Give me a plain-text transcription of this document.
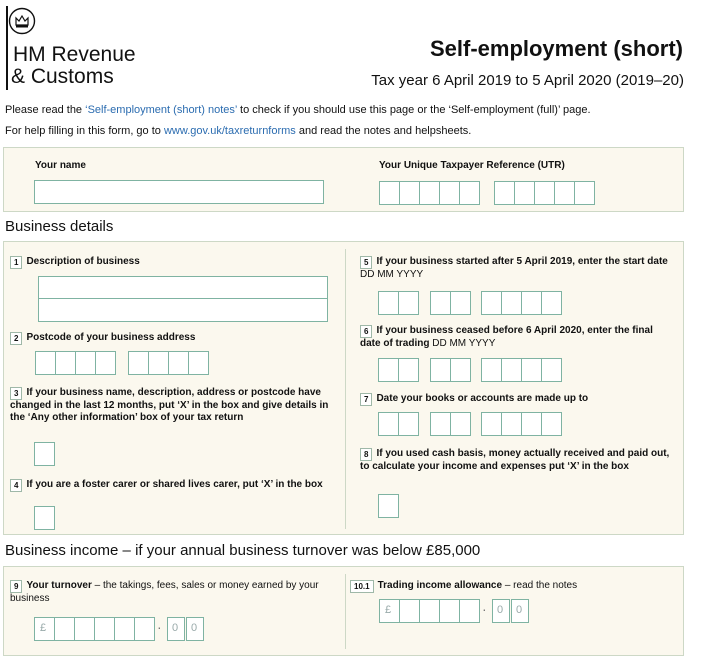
HM Revenue
& Customs
Self-employment (short)
Tax year 6 April 2019 to 5 April 2020 (2019–20)
Please read the ‘Self-employment (short) notes’ to check if you should use this page or the ‘Self-employment (full)’ page.
For help filling in this form, go to www.gov.uk/taxreturnforms and read the notes and helpsheets.
Your name	Your Unique Taxpayer Reference (UTR)
Business details
1 Description of business
2 Postcode of your business address
3 If your business name, description, address or postcode have changed in the last 12 months, put ‘X’ in the box and give details in the ‘Any other information’ box of your tax return
4 If you are a foster carer or shared lives carer, put ‘X’ in the box
5 If your business started after 5 April 2019, enter the start date DD MM YYYY
6 If your business ceased before 6 April 2020, enter the final date of trading DD MM YYYY
7 Date your books or accounts are made up to
8 If you used cash basis, money actually received and paid out, to calculate your income and expenses put ‘X’ in the box
Business income – if your annual business turnover was below £85,000
9 Your turnover – the takings, fees, sales or money earned by your business
10.1 Trading income allowance – read the notes
£	· 0 0
£	· 0 0
